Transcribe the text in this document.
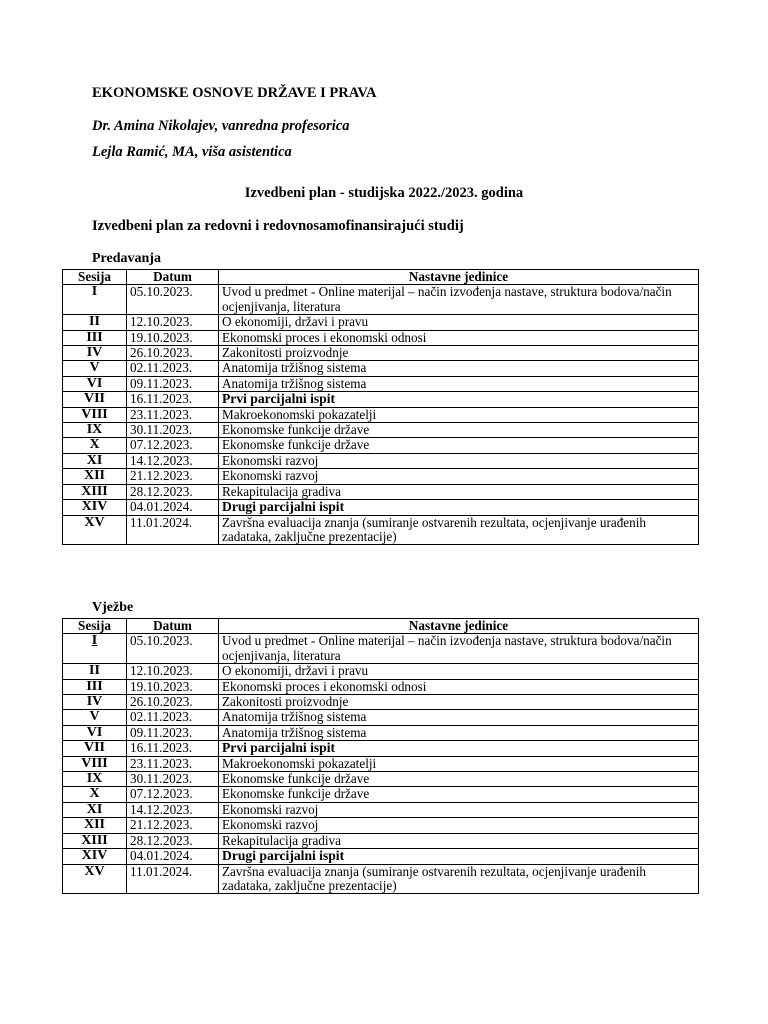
EKONOMSKE OSNOVE DRŽAVE I PRAVA
Dr. Amina Nikolajev, vanredna profesorica
Lejla Ramić, MA, viša asistentica
Izvedbeni plan - studijska 2022./2023. godina
Izvedbeni plan za redovni i redovnosamofinansirajući studij
Predavanja
Sesija	Datum	Nastavne jedinice
I	05.10.2023.	Uvod u predmet - Online materijal – način izvođenja nastave, struktura bodova/način ocjenjivanja, literatura
II	12.10.2023.	O ekonomiji, državi i pravu
III	19.10.2023.	Ekonomski proces i ekonomski odnosi
IV	26.10.2023.	Zakonitosti proizvodnje
V	02.11.2023.	Anatomija tržišnog sistema
VI	09.11.2023.	Anatomija tržišnog sistema
VII	16.11.2023.	Prvi parcijalni ispit
VIII	23.11.2023.	Makroekonomski pokazatelji
IX	30.11.2023.	Ekonomske funkcije države
X	07.12.2023.	Ekonomske funkcije države
XI	14.12.2023.	Ekonomski razvoj
XII	21.12.2023.	Ekonomski razvoj
XIII	28.12.2023.	Rekapitulacija gradiva
XIV	04.01.2024.	Drugi parcijalni ispit
XV	11.01.2024.	Završna evaluacija znanja (sumiranje ostvarenih rezultata, ocjenjivanje urađenih zadataka, zaključne prezentacije)
Vježbe
Sesija	Datum	Nastavne jedinice
I	05.10.2023.	Uvod u predmet - Online materijal – način izvođenja nastave, struktura bodova/način ocjenjivanja, literatura
II	12.10.2023.	O ekonomiji, državi i pravu
III	19.10.2023.	Ekonomski proces i ekonomski odnosi
IV	26.10.2023.	Zakonitosti proizvodnje
V	02.11.2023.	Anatomija tržišnog sistema
VI	09.11.2023.	Anatomija tržišnog sistema
VII	16.11.2023.	Prvi parcijalni ispit
VIII	23.11.2023.	Makroekonomski pokazatelji
IX	30.11.2023.	Ekonomske funkcije države
X	07.12.2023.	Ekonomske funkcije države
XI	14.12.2023.	Ekonomski razvoj
XII	21.12.2023.	Ekonomski razvoj
XIII	28.12.2023.	Rekapitulacija gradiva
XIV	04.01.2024.	Drugi parcijalni ispit
XV	11.01.2024.	Završna evaluacija znanja (sumiranje ostvarenih rezultata, ocjenjivanje urađenih zadataka, zaključne prezentacije)
